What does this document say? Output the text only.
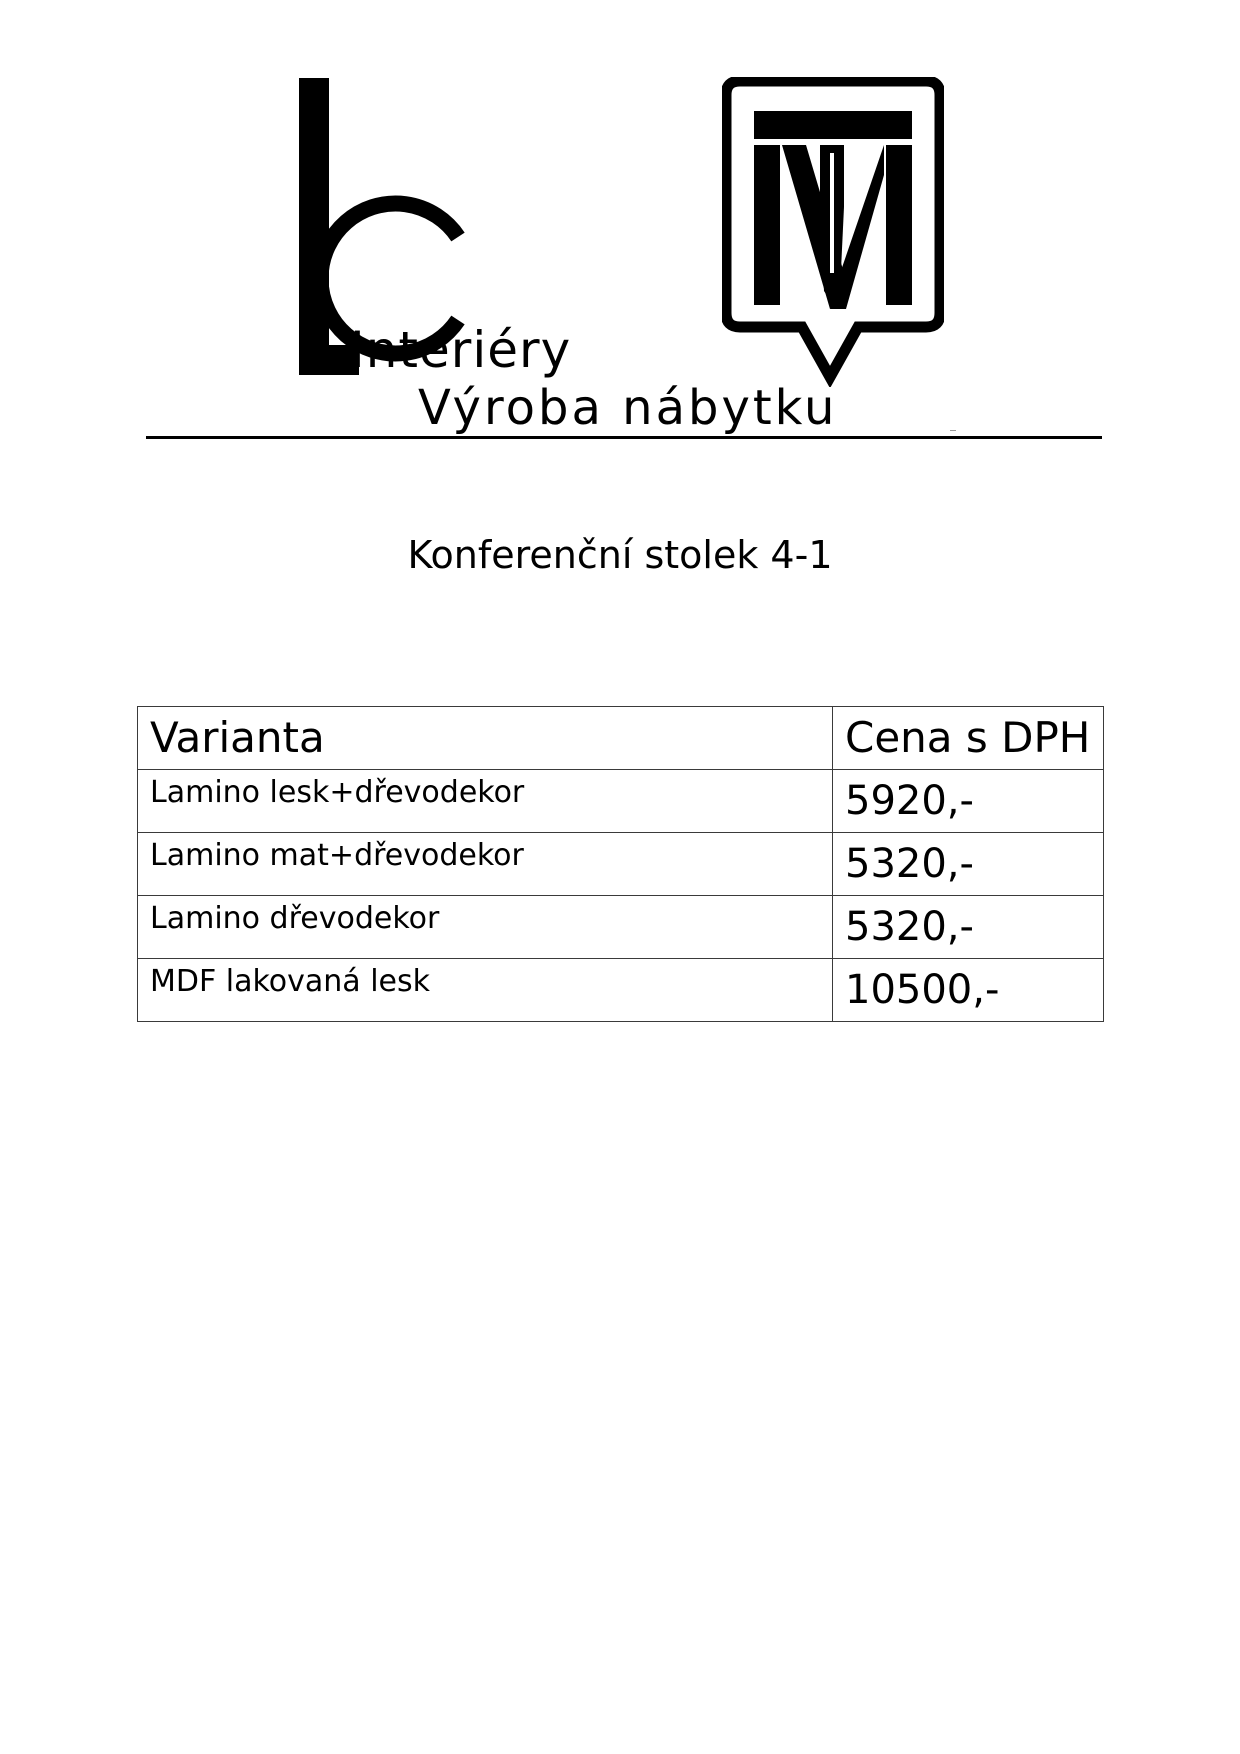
Interiéry
Výroba nábytku
Konferenční stolek 4-1
Varianta	Cena s DPH
Lamino lesk+dřevodekor	5920,-
Lamino mat+dřevodekor	5320,-
Lamino dřevodekor	5320,-
MDF lakovaná lesk	10500,-
